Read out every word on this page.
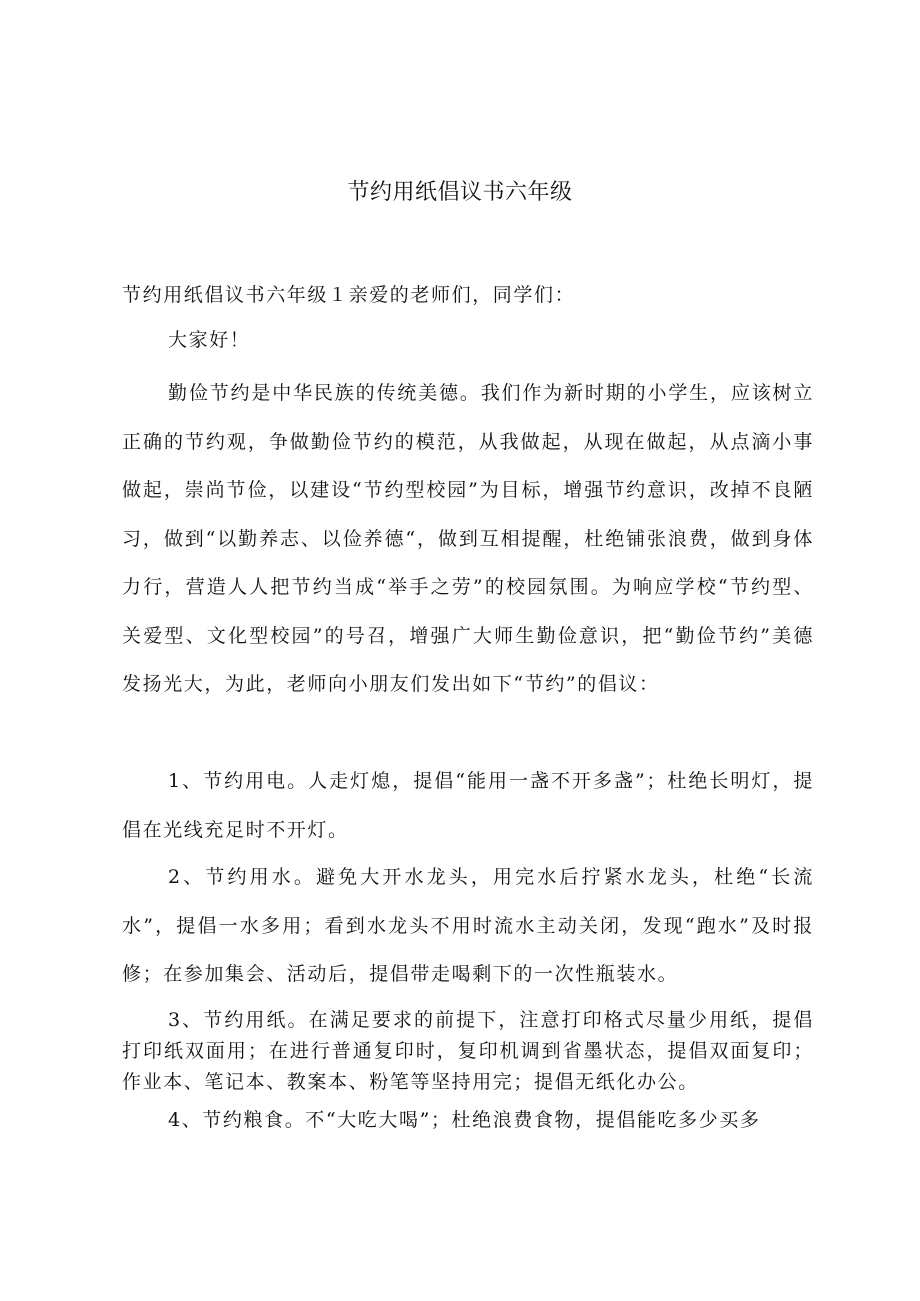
节约用纸倡议书六年级

节约用纸倡议书六年级１亲爱的老师们，同学们：

大家好！

勤俭节约是中华民族的传统美德。我们作为新时期的小学生，应该树立正确的节约观，争做勤俭节约的模范，从我做起，从现在做起，从点滴小事做起，崇尚节俭，以建设“节约型校园”为目标，增强节约意识，改掉不良陋习，做到“以勤养志、以俭养德“，做到互相提醒，杜绝铺张浪费，做到身体力行，营造人人把节约当成“举手之劳”的校园氛围。为响应学校“节约型、关爱型、文化型校园”的号召，增强广大师生勤俭意识，把“勤俭节约”美德发扬光大，为此，老师向小朋友们发出如下“节约”的倡议：

1、节约用电。人走灯熄，提倡“能用一盏不开多盏”；杜绝长明灯，提倡在光线充足时不开灯。

2、节约用水。避免大开水龙头，用完水后拧紧水龙头，杜绝“长流水”，提倡一水多用；看到水龙头不用时流水主动关闭，发现“跑水”及时报修；在参加集会、活动后，提倡带走喝剩下的一次性瓶装水。

3、节约用纸。在满足要求的前提下，注意打印格式尽量少用纸，提倡打印纸双面用；在进行普通复印时，复印机调到省墨状态，提倡双面复印；作业本、笔记本、教案本、粉笔等坚持用完；提倡无纸化办公。

4、节约粮食。不“大吃大喝”；杜绝浪费食物，提倡能吃多少买多
